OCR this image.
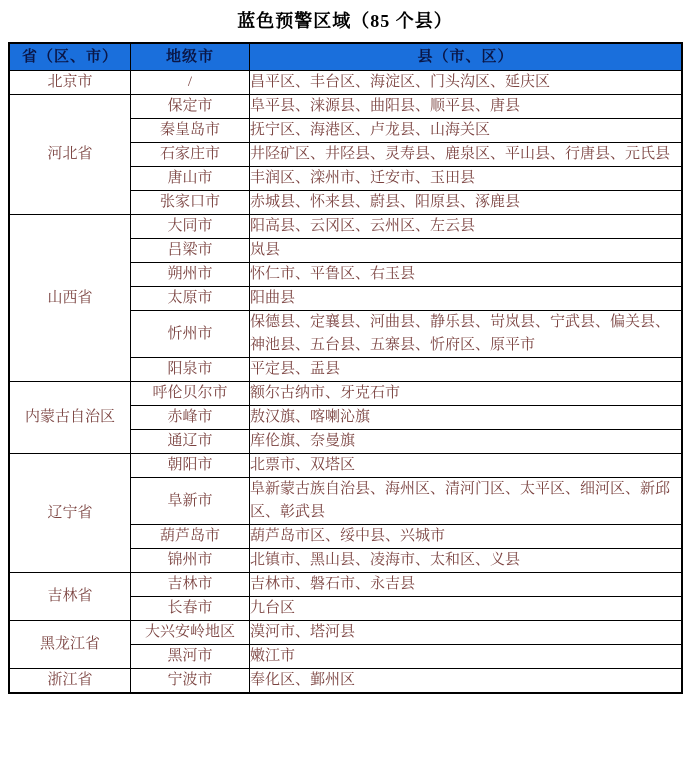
蓝色预警区域（85 个县）
省（区、市）	地级市	县（市、区）
北京市	/	昌平区、丰台区、海淀区、门头沟区、延庆区
河北省	保定市	阜平县、涞源县、曲阳县、顺平县、唐县
	秦皇岛市	抚宁区、海港区、卢龙县、山海关区
	石家庄市	井陉矿区、井陉县、灵寿县、鹿泉区、平山县、行唐县、元氏县
	唐山市	丰润区、滦州市、迁安市、玉田县
	张家口市	赤城县、怀来县、蔚县、阳原县、涿鹿县
山西省	大同市	阳高县、云冈区、云州区、左云县
	吕梁市	岚县
	朔州市	怀仁市、平鲁区、右玉县
	太原市	阳曲县
	忻州市	保德县、定襄县、河曲县、静乐县、岢岚县、宁武县、偏关县、神池县、五台县、五寨县、忻府区、原平市
	阳泉市	平定县、盂县
内蒙古自治区	呼伦贝尔市	额尔古纳市、牙克石市
	赤峰市	敖汉旗、喀喇沁旗
	通辽市	库伦旗、奈曼旗
辽宁省	朝阳市	北票市、双塔区
	阜新市	阜新蒙古族自治县、海州区、清河门区、太平区、细河区、新邱区、彰武县
	葫芦岛市	葫芦岛市区、绥中县、兴城市
	锦州市	北镇市、黑山县、凌海市、太和区、义县
吉林省	吉林市	吉林市、磐石市、永吉县
	长春市	九台区
黑龙江省	大兴安岭地区	漠河市、塔河县
	黑河市	嫩江市
浙江省	宁波市	奉化区、鄞州区
